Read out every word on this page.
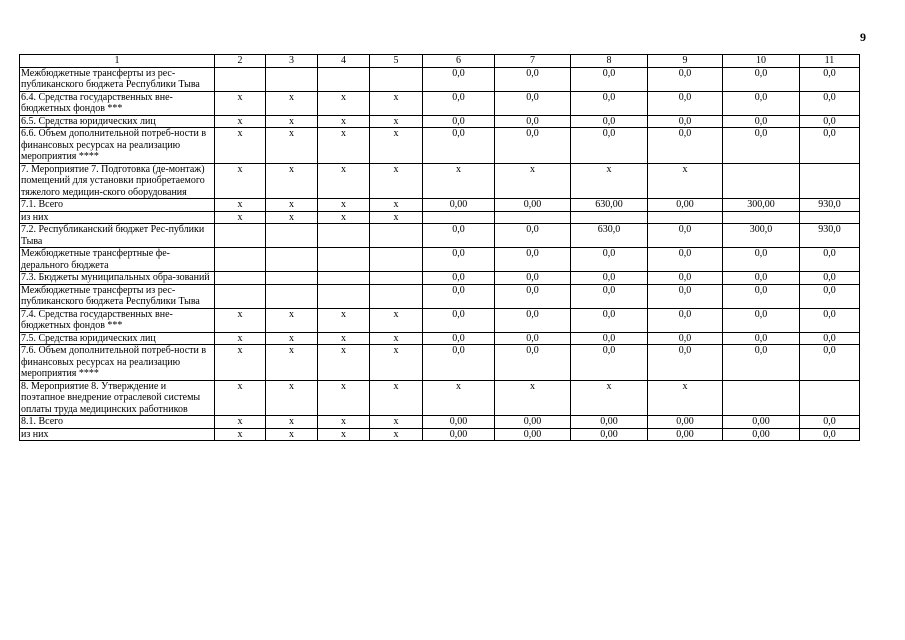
9
1	2	3	4	5	6	7	8	9	10	11
Межбюджетные трансферты из рес-публиканского бюджета Республики Тыва					0,0	0,0	0,0	0,0	0,0	0,0
6.4. Средства государственных вне-бюджетных фондов ***	x	x	x	x	0,0	0,0	0,0	0,0	0,0	0,0
6.5. Средства юридических лиц	x	x	x	x	0,0	0,0	0,0	0,0	0,0	0,0
6.6. Объем дополнительной потреб-ности в финансовых ресурсах на реализацию мероприятия ****	x	x	x	x	0,0	0,0	0,0	0,0	0,0	0,0
7. Мероприятие 7. Подготовка (де-монтаж) помещений для установки приобретаемого тяжелого медицин-ского оборудования	x	x	x	x	x	x	x	x		
7.1. Всего	x	x	x	x	0,00	0,00	630,00	0,00	300,00	930,0
из них	x	x	x	x						
7.2. Республиканский бюджет Рес-публики Тыва					0,0	0,0	630,0	0,0	300,0	930,0
Межбюджетные трансфертные фе-дерального бюджета					0,0	0,0	0,0	0,0	0,0	0,0
7.3. Бюджеты муниципальных обра-зований					0,0	0,0	0,0	0,0	0,0	0,0
Межбюджетные трансферты из рес-публиканского бюджета Республики Тыва					0,0	0,0	0,0	0,0	0,0	0,0
7.4. Средства государственных вне-бюджетных фондов ***	x	x	x	x	0,0	0,0	0,0	0,0	0,0	0,0
7.5. Средства юридических лиц	x	x	x	x	0,0	0,0	0,0	0,0	0,0	0,0
7.6. Объем дополнительной потреб-ности в финансовых ресурсах на реализацию мероприятия ****	x	x	x	x	0,0	0,0	0,0	0,0	0,0	0,0
8. Мероприятие 8. Утверждение и поэтапное внедрение отраслевой системы оплаты труда медицинских работников	x	x	x	x	x	x	x	x		
8.1. Всего	x	x	x	x	0,00	0,00	0,00	0,00	0,00	0,0
из них	x	x	x	x	0,00	0,00	0,00	0,00	0,00	0,0
